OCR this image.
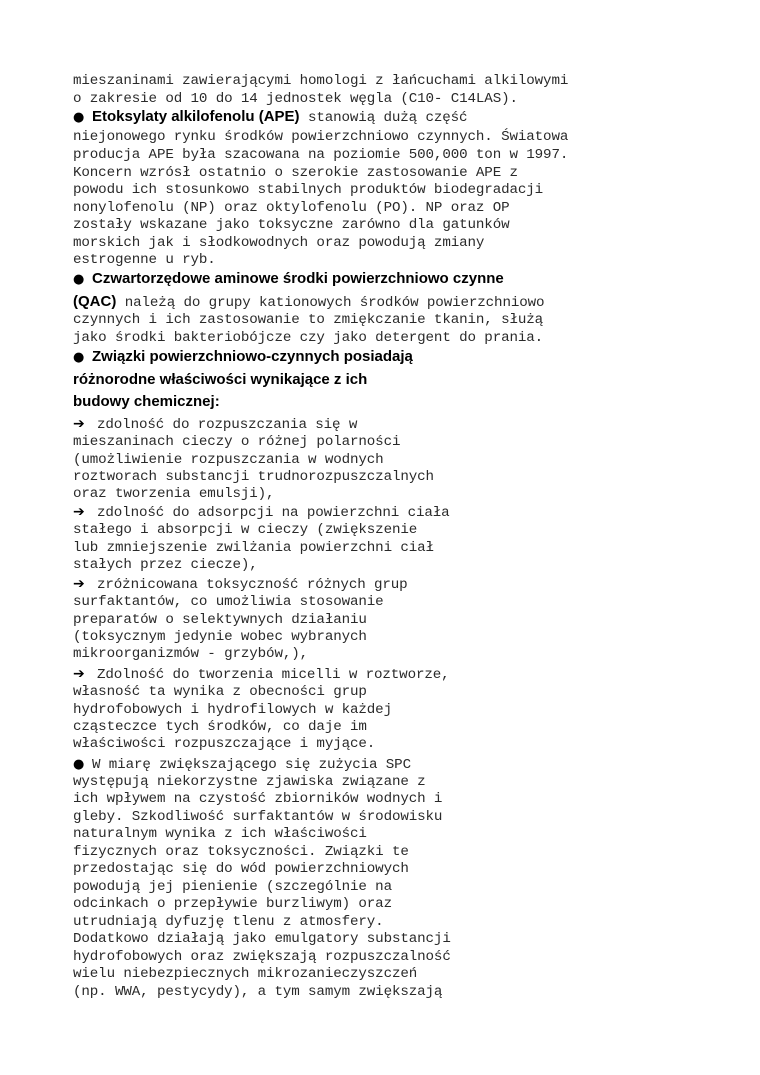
mieszaninami zawierającymi homologi z łańcuchami alkilowymi
o zakresie od 10 do 14 jednostek węgla (C10- C14LAS).
● Etoksylaty alkilofenolu (APE) stanowią dużą część
niejonowego rynku środków powierzchniowo czynnych. Światowa
producja APE była szacowana na poziomie 500,000 ton w 1997.
Koncern wzrósł ostatnio o szerokie zastosowanie APE z
powodu ich stosunkowo stabilnych produktów biodegradacji
nonylofenolu (NP) oraz oktylofenolu (PO). NP oraz OP
zostały wskazane jako toksyczne zarówno dla gatunków
morskich jak i słodkowodnych oraz powodują zmiany
estrogenne u ryb.
● Czwartorzędowe aminowe środki powierzchniowo czynne
(QAC) należą do grupy kationowych środków powierzchniowo
czynnych i ich zastosowanie to zmiękczanie tkanin, służą
jako środki bakteriobójcze czy jako detergent do prania.
● Związki powierzchniowo-czynnych posiadają
różnorodne właściwości wynikające z ich
budowy chemicznej:
➔ zdolność do rozpuszczania się w
mieszaninach cieczy o różnej polarności
(umożliwienie rozpuszczania w wodnych
roztworach substancji trudnorozpuszczalnych
oraz tworzenia emulsji),
➔ zdolność do adsorpcji na powierzchni ciała
stałego i absorpcji w cieczy (zwiększenie
lub zmniejszenie zwilżania powierzchni ciał
stałych przez ciecze),
➔ zróżnicowana toksyczność różnych grup
surfaktantów, co umożliwia stosowanie
preparatów o selektywnych działaniu
(toksycznym jedynie wobec wybranych
mikroorganizmów - grzybów,),
➔ Zdolność do tworzenia micelli w roztworze,
własność ta wynika z obecności grup
hydrofobowych i hydrofilowych w każdej
cząsteczce tych środków, co daje im
właściwości rozpuszczające i myjące.
● W miarę zwiększającego się zużycia SPC
występują niekorzystne zjawiska związane z
ich wpływem na czystość zbiorników wodnych i
gleby. Szkodliwość surfaktantów w środowisku
naturalnym wynika z ich właściwości
fizycznych oraz toksyczności. Związki te
przedostając się do wód powierzchniowych
powodują jej pienienie (szczególnie na
odcinkach o przepływie burzliwym) oraz
utrudniają dyfuzję tlenu z atmosfery.
Dodatkowo działają jako emulgatory substancji
hydrofobowych oraz zwiększają rozpuszczalność
wielu niebezpiecznych mikrozanieczyszczeń
(np. WWA, pestycydy), a tym samym zwiększają
